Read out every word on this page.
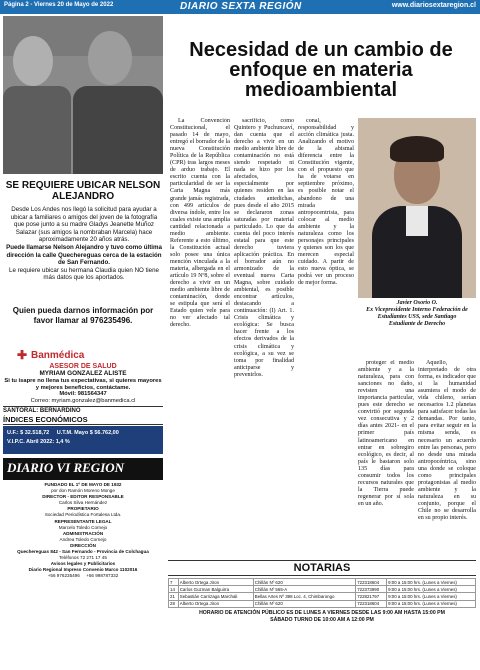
Página 2 - Viernes 20 de Mayo de 2022	DIARIO SEXTA REGIÓN	www.diariosextaregion.cl
SE REQUIERE UBICAR NELSON ALEJANDRO
Desde Los Andes nos llegó la solicitud para ayudar a ubicar a familiares o amigos del joven de la fotografía que pose junto a su madre Gladys Jeanette Muñoz Salazar (sus amigos la nombraban Marcela) hace aproximadamente 20 años atrás.
Puede llamarse Nelson Alejandro y tuvo como última dirección la calle Quechereguas cerca de la estación de San Fernando.
Le requiere ubicar su hermana Claudia quien NO tiene más datos que los aportados.
Quien pueda darnos información por favor llamar al 976235496.
✚ Banmédica
ASESOR DE SALUD
MYRIAM GONZALEZ ALISTE
Si tu isapre no llena tus expectativas, si quieres mayores y mejores beneficios, contáctame.
Móvil: 981564347
Correo: myriam.gonzalez@banmedica.cl
SANTORAL: BERNARDINO
ÍNDICES ECONÓMICOS
U.F.: $ 32.518,72 U.T.M. Mayo $ 56.762,00
V.I.P.C. Abril 2022: 1,4 %
DIARIO VI REGION
FUNDADO EL 1º DE MAYO DE 1932
por don Ramón Moreno Monge
DIRECTOR - EDITOR RESPONSABLE
Carlos Silva Hernández
PROPIETARIO
Sociedad Periodística Fortalesa Ltda.
REPRESENTANTE LEGAL
Marcelo Toledo Cornejo
ADMINISTRACIÓN
Andrea Toledo Cornejo
DIRECCIÓN
Quechereguas 842 - San Fernando - Provincia de Colchagua
Teléfonos 72 271 17 45
Avisos legales y Publicitarios
Diario Regional Impreso Convenio Marco 1102016
+56 976235496 +56 998787332
Necesidad de un cambio de enfoque en materia medioambiental

La Convención Constitucional, el pasado 14 de mayo, entregó el borrador de la nueva Constitución Política de la República (CPR) tras largos meses de arduo trabajo. El escrito cuenta con la particularidad de ser la Carta Magna más grande jamás registrada, con 499 artículos de diversa índole, entre los cuales existe una amplia cantidad relacionada a medio ambiente. Referente a esto último, la Constitución actual solo posee una única mención vinculada a la materia, albergada en el artículo 19 Nº8, sobre el derecho a vivir en un medio ambiente libre de contaminación, donde se estipula que será el Estado quien vele para no ver afectado tal derecho.

sacrificio, como Quintero y Puchuncaví, dan cuenta que el derecho a vivir en un medio ambiente libre de contaminación no está siendo respetado ni nada se hizo por los afectados, especialmente por quienes residen en las ciudades antedichas, pues desde el año 2015 se declararon zonas saturadas por material particulado. Lo que da cuenta del poco interés estatal para que este derecho tuviera aplicación práctica. En el borrador aún no armonizado de la eventual nueva Carta Magna, sobre cuidado ambiental, es posible encontrar artículos, destacando a continuación: (I) Art. 1. Crisis climática y ecológica: Se busca hacer frente a los efectos derivados de la crisis climática y ecológica, a su vez se toma por finalidad anticiparse y prevenirlos.

conal, responsabilidad y acción climática justa. Analizando el motivo de la abismal diferencia entre la Constitución vigente, con el propuesto que ha de votarse en septiembre próximo, es posible notar el abandono de una mirada antropocentrista, para colocar al medio ambiente y la naturaleza como los personajes principales y quienes son los que merecen especial cuidado. A partir de esto nueva óptica, se podrá ver un proceso de mejor forma.

proteger el medio ambiente y a la naturaleza, para con sanciones no daño, revisten una importancia particular, pues este derecho se convirtió por segunda vez consecutiva y 2 días antes 2021- en el primer país latinoamericano en entrar en sobregiro ecológico, es decir, al país le bastaron solo 135 días para consumir todos los recursos naturales que la Tierra puede regenerar por sí sola en un año.

Aquello, interpretado de otra forma, es indicador que si la humanidad asumiera el modo de vida chileno, serían necesarios 1.2 planetas para satisfacer todas las demandas. Por tanto, para evitar seguir en la misma senda, es necesario un acuerdo entre las personas, pero no desde una mirada antropocéntrica, sino una donde se coloque como principales protagonistas al medio ambiente y la naturaleza en su conjunto, porque el Chile no se desarrolla en su propio interés.

Javier Osorio O.
Ex Vicepresidente Interno Federación de Estudiantes USS, sede Santiago
Estudiante de Derecho
NOTARIAS
7	Alberto Ortega Jiron	Chillán Nº 620	722318604	9:00 a 15:00 hrs. (Lunes a Viernes)
14	Carlos Guzman Balguirra	Chillán Nº 565-A	722373990	9:00 a 15:00 hrs. (Lunes a Viernes)
21	Sebastián Carrizaga Marchali	Bellas Artes Nº 398 Loc. 4, Chimbarongo	722821797	9:00 a 15:00 hrs. (Lunes a Viernes)
28	Alberto Ortega Jiron	Chillán Nº 620	722318604	9:00 a 15:00 hrs. (Lunes a Viernes)
HORARIO DE ATENCIÓN PÚBLICO ES DE LUNES A VIERNES DESDE LAS 9:00 AM HASTA 15:00 PM
SÁBADO TURNO DE 10:00 AM A 12:00 PM
